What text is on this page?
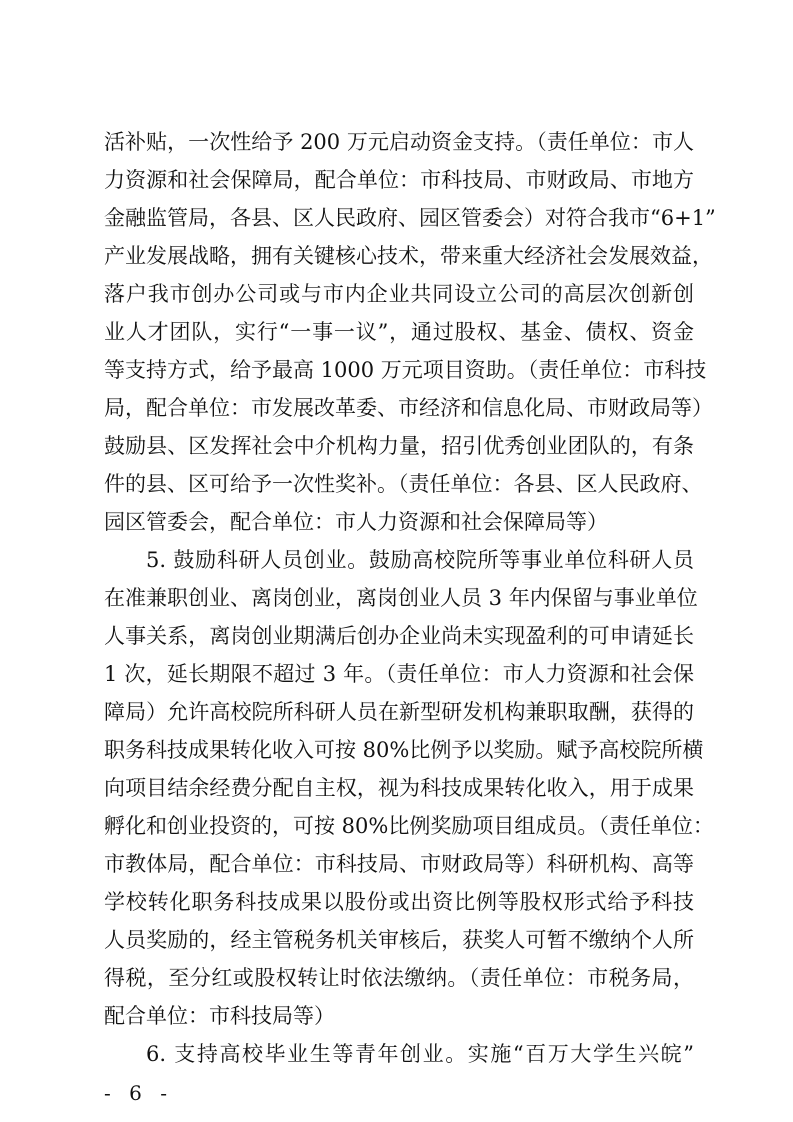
活补贴，一次性给予 200 万元启动资金支持。（责任单位：市人
力资源和社会保障局，配合单位：市科技局、市财政局、市地方
金融监管局，各县、区人民政府、园区管委会）对符合我市“6+1”
产业发展战略，拥有关键核心技术，带来重大经济社会发展效益，
落户我市创办公司或与市内企业共同设立公司的高层次创新创
业人才团队，实行“一事一议”，通过股权、基金、债权、资金
等支持方式，给予最高 1000 万元项目资助。（责任单位：市科技
局，配合单位：市发展改革委、市经济和信息化局、市财政局等）
鼓励县、区发挥社会中介机构力量，招引优秀创业团队的，有条
件的县、区可给予一次性奖补。（责任单位：各县、区人民政府、
园区管委会，配合单位：市人力资源和社会保障局等）
5. 鼓励科研人员创业。鼓励高校院所等事业单位科研人员
在准兼职创业、离岗创业，离岗创业人员 3 年内保留与事业单位
人事关系，离岗创业期满后创办企业尚未实现盈利的可申请延长
1 次，延长期限不超过 3 年。（责任单位：市人力资源和社会保
障局）允许高校院所科研人员在新型研发机构兼职取酬，获得的
职务科技成果转化收入可按 80%比例予以奖励。赋予高校院所横
向项目结余经费分配自主权，视为科技成果转化收入，用于成果
孵化和创业投资的，可按 80%比例奖励项目组成员。（责任单位：
市教体局，配合单位：市科技局、市财政局等）科研机构、高等
学校转化职务科技成果以股份或出资比例等股权形式给予科技
人员奖励的，经主管税务机关审核后，获奖人可暂不缴纳个人所
得税，至分红或股权转让时依法缴纳。（责任单位：市税务局，
配合单位：市科技局等）
6. 支持高校毕业生等青年创业。实施“百万大学生兴皖”
- 6 -
